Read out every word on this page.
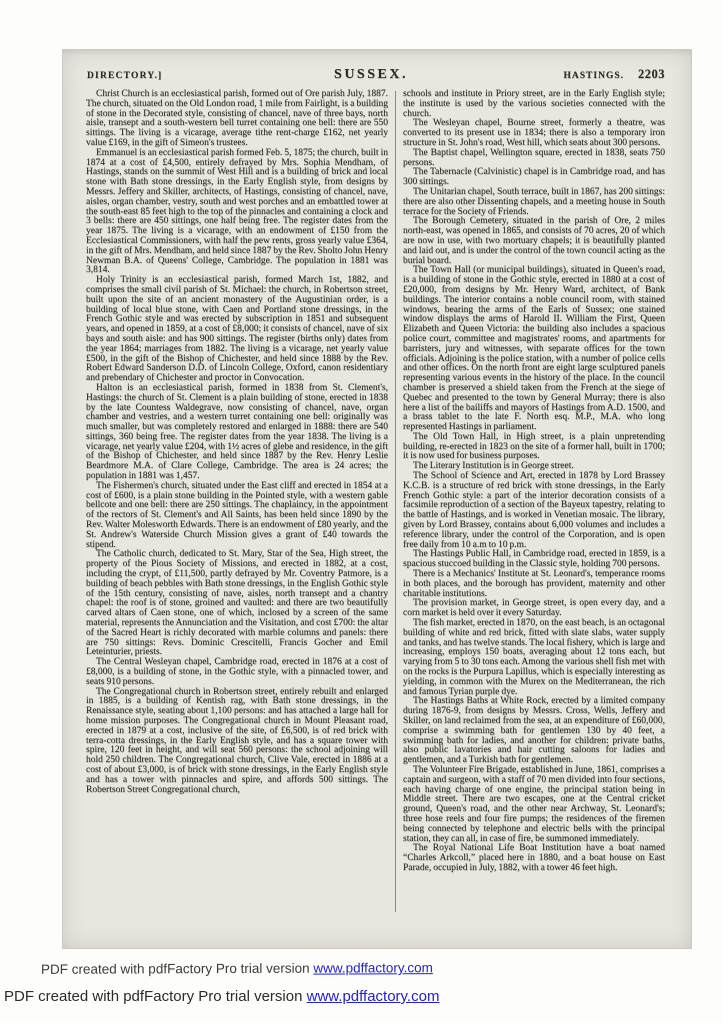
DIRECTORY.]	SUSSEX.	HASTINGS. 2203

Christ Church is an ecclesiastical parish, formed out of Ore parish July, 1887. The church, situated on the Old London road, 1 mile from Fairlight, is a building of stone in the Decorated style, consisting of chancel, nave of three bays, north aisle, transept and a south-western bell turret containing one bell: there are 550 sittings. The living is a vicarage, average tithe rent-charge £162, net yearly value £169, in the gift of Simeon's trustees.

Emmanuel is an ecclesiastical parish formed Feb. 5, 1875; the church, built in 1874 at a cost of £4,500, entirely defrayed by Mrs. Sophia Mendham, of Hastings, stands on the summit of West Hill and is a building of brick and local stone with Bath stone dressings, in the Early English style, from designs by Messrs. Jeffery and Skiller, architects, of Hastings, consisting of chancel, nave, aisles, organ chamber, vestry, south and west porches and an embattled tower at the south-east 85 feet high to the top of the pinnacles and containing a clock and 3 bells: there are 450 sittings, one half being free. The register dates from the year 1875. The living is a vicarage, with an endowment of £150 from the Ecclesiastical Commissioners, with half the pew rents, gross yearly value £364, in the gift of Mrs. Mendham, and held since 1887 by the Rev. Sholto John Henry Newman B.A. of Queens' College, Cambridge. The population in 1881 was 3,814.

Holy Trinity is an ecclesiastical parish, formed March 1st, 1882, and comprises the small civil parish of St. Michael: the church, in Robertson street, built upon the site of an ancient monastery of the Augustinian order, is a building of local blue stone, with Caen and Portland stone dressings, in the French Gothic style and was erected by subscription in 1851 and subsequent years, and opened in 1859, at a cost of £8,000; it consists of chancel, nave of six bays and south aisle: and has 900 sittings. The register (births only) dates from the year 1864; marriages from 1882. The living is a vicarage, net yearly value £500, in the gift of the Bishop of Chichester, and held since 1888 by the Rev. Robert Edward Sanderson D.D. of Lincoln College, Oxford, canon residentiary and prebendary of Chichester and proctor in Convocation.

Halton is an ecclesiastical parish, formed in 1838 from St. Clement's, Hastings: the church of St. Clement is a plain building of stone, erected in 1838 by the late Countess Waldegrave, now consisting of chancel, nave, organ chamber and vestries, and a western turret containing one bell: originally was much smaller, but was completely restored and enlarged in 1888: there are 540 sittings, 360 being free. The register dates from the year 1838. The living is a vicarage, net yearly value £204, with 1½ acres of glebe and residence, in the gift of the Bishop of Chichester, and held since 1887 by the Rev. Henry Leslie Beardmore M.A. of Clare College, Cambridge. The area is 24 acres; the population in 1881 was 1,457.

The Fishermen's church, situated under the East cliff and erected in 1854 at a cost of £600, is a plain stone building in the Pointed style, with a western gable bellcote and one bell: there are 250 sittings. The chaplaincy, in the appointment of the rectors of St. Clement's and All Saints, has been held since 1890 by the Rev. Walter Molesworth Edwards. There is an endowment of £80 yearly, and the St. Andrew's Waterside Church Mission gives a grant of £40 towards the stipend.

The Catholic church, dedicated to St. Mary, Star of the Sea, High street, the property of the Pious Society of Missions, and erected in 1882, at a cost, including the crypt, of £11,500, partly defrayed by Mr. Coventry Patmore, is a building of beach pebbles with Bath stone dressings, in the English Gothic style of the 15th century, consisting of nave, aisles, north transept and a chantry chapel: the roof is of stone, groined and vaulted: and there are two beautifully carved altars of Caen stone, one of which, inclosed by a screen of the same material, represents the Annunciation and the Visitation, and cost £700: the altar of the Sacred Heart is richly decorated with marble columns and panels: there are 750 sittings: Revs. Dominic Crescitelli, Francis Gocher and Emil Leteinturier, priests.

The Central Wesleyan chapel, Cambridge road, erected in 1876 at a cost of £8,000, is a building of stone, in the Gothic style, with a pinnacled tower, and seats 910 persons.

The Congregational church in Robertson street, entirely rebuilt and enlarged in 1885, is a building of Kentish rag, with Bath stone dressings, in the Renaissance style, seating about 1,100 persons: and has attached a large hall for home mission purposes. The Congregational church in Mount Pleasant road, erected in 1879 at a cost, inclusive of the site, of £6,500, is of red brick with terra-cotta dressings, in the Early English style, and has a square tower with spire, 120 feet in height, and will seat 560 persons: the school adjoining will hold 250 children. The Congregational church, Clive Vale, erected in 1886 at a cost of about £3,000, is of brick with stone dressings, in the Early English style and has a tower with pinnacles and spire, and affords 500 sittings. The Robertson Street Congregational church,

schools and institute in Priory street, are in the Early English style; the institute is used by the various societies connected with the church.

The Wesleyan chapel, Bourne street, formerly a theatre, was converted to its present use in 1834; there is also a temporary iron structure in St. John's road, West hill, which seats about 300 persons.

The Baptist chapel, Wellington square, erected in 1838, seats 750 persons.

The Tabernacle (Calvinistic) chapel is in Cambridge road, and has 300 sittings.

The Unitarian chapel, South terrace, built in 1867, has 200 sittings: there are also other Dissenting chapels, and a meeting house in South terrace for the Society of Friends.

The Borough Cemetery, situated in the parish of Ore, 2 miles north-east, was opened in 1865, and consists of 70 acres, 20 of which are now in use, with two mortuary chapels; it is beautifully planted and laid out, and is under the control of the town council acting as the burial board.

The Town Hall (or municipal buildings), situated in Queen's road, is a building of stone in the Gothic style, erected in 1880 at a cost of £20,000, from designs by Mr. Henry Ward, architect, of Bank buildings. The interior contains a noble council room, with stained windows, bearing the arms of the Earls of Sussex; one stained window displays the arms of Harold II. William the First, Queen Elizabeth and Queen Victoria: the building also includes a spacious police court, committee and magistrates' rooms, and apartments for barristers, jury and witnesses, with separate offices for the town officials. Adjoining is the police station, with a number of police cells and other offices. On the north front are eight large sculptured panels representing various events in the history of the place. In the council chamber is preserved a shield taken from the French at the siege of Quebec and presented to the town by General Murray; there is also here a list of the bailiffs and mayors of Hastings from A.D. 1500, and a brass tablet to the late F. North esq. M.P., M.A. who long represented Hastings in parliament.

The Old Town Hall, in High street, is a plain unpretending building, re-erected in 1823 on the site of a former hall, built in 1700; it is now used for business purposes.

The Literary Institution is in George street.

The School of Science and Art, erected in 1878 by Lord Brassey K.C.B. is a structure of red brick with stone dressings, in the Early French Gothic style: a part of the interior decoration consists of a facsimile reproduction of a section of the Bayeux tapestry, relating to the battle of Hastings, and is worked in Venetian mosaic. The library, given by Lord Brassey, contains about 6,000 volumes and includes a reference library, under the control of the Corporation, and is open free daily from 10 a.m to 10 p.m.

The Hastings Public Hall, in Cambridge road, erected in 1859, is a spacious stuccoed building in the Classic style, holding 700 persons.

There is a Mechanics' Institute at St. Leonard's, temperance rooms in both places, and the borough has provident, maternity and other charitable institutions.

The provision market, in George street, is open every day, and a corn market is held over it every Saturday.

The fish market, erected in 1870, on the east beach, is an octagonal building of white and red brick, fitted with slate slabs, water supply and tanks, and has twelve stands. The local fishery, which is large and increasing, employs 150 boats, averaging about 12 tons each, but varying from 5 to 30 tons each. Among the various shell fish met with on the rocks is the Purpura Lapillus, which is especially interesting as yielding, in common with the Murex on the Mediterranean, the rich and famous Tyrian purple dye.

The Hastings Baths at White Rock, erected by a limited company during 1876-9, from designs by Messrs. Cross, Wells, Jeffery and Skiller, on land reclaimed from the sea, at an expenditure of £60,000, comprise a swimming bath for gentlemen 130 by 40 feet, a swimming bath for ladies, and another for children: private baths, also public lavatories and hair cutting saloons for ladies and gentlemen, and a Turkish bath for gentlemen.

The Volunteer Fire Brigade, established in June, 1861, comprises a captain and surgeon, with a staff of 70 men divided into four sections, each having charge of one engine, the principal station being in Middle street. There are two escapes, one at the Central cricket ground, Queen's road, and the other near Archway, St. Leonard's; three hose reels and four fire pumps; the residences of the firemen being connected by telephone and electric bells with the principal station, they can all, in case of fire, be summoned immediately.

The Royal National Life Boat Institution have a boat named “Charles Arkcoll,” placed here in 1880, and a boat house on East Parade, occupied in July, 1882, with a tower 46 feet high.

PDF created with pdfFactory Pro trial version www.pdffactory.com
PDF created with pdfFactory Pro trial version www.pdffactory.com
